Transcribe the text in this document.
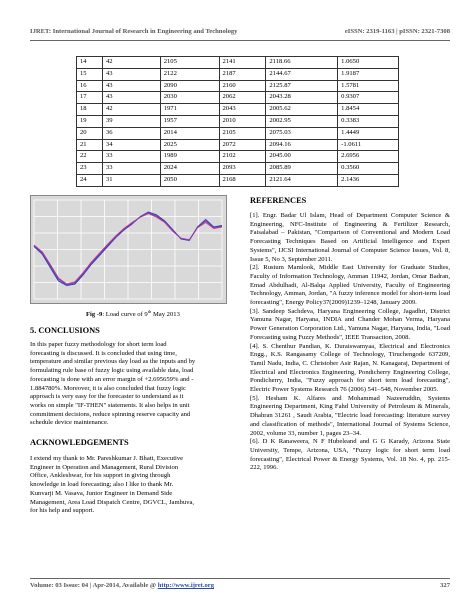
IJRET: International Journal of Research in Engineering and Technology	eISSN: 2319-1163 | pISSN: 2321-7308
14	42	2105	2141	2118.66	1.0650
15	43	2122	2187	2144.67	1.9187
16	43	2090	2160	2125.87	1.5781
17	43	2030	2062	2043.28	0.9307
18	42	1971	2043	2005.62	1.8454
19	39	1957	2010	2002.95	0.3383
20	36	2014	2105	2075.03	1.4449
21	34	2025	2072	2094.16	-1.0611
22	33	1989	2102	2045.00	2.6956
23	33	2024	2093	2085.89	0.3560
24	31	2050	2168	2121.64	2.1436
Fig -9: Load curve of 9th May 2013
5. CONCLUSIONS
In this paper fuzzy methodology for short term load
forecasting is discussed. It is concluded that using time,
temperature and similar previous day load as the inputs and by
formulating rule base of fuzzy logic using available data, load
forecasting is done with an error margin of +2.695659% and -
1.884780%. Moreover, it is also concluded that fuzzy logic
approach is very easy for the forecaster to understand as it
works on simple "IF-THEN" statements. It also helps in unit
commitment decisions, reduce spinning reserve capacity and
schedule device maintenance.
ACKNOWLEDGEMENTS
I extend my thank to Mr. Pareshkumar J. Bhatt, Executive
Engineer in Operation and Management, Rural Division
Office, Ankleshwar, for his support in giving through
knowledge in load forecasting; also I like to thank Mr.
Kunvarji M. Vasava, Junior Engineer in Demand Side
Management, Area Load Dispatch Centre, DGVCL, Jambuva,
for his help and support.
REFERENCES

[1]. Engr. Badar Ul Islam, Head of Department Computer Science & Engineering, NFC-Institute of Engineering & Fertilizer Research, Faisalabad – Pakistan, "Comparison of Conventional and Modern Load Forecasting Techniques Based on Artificial Intelligence and Expert Systems", IJCSI International Journal of Computer Science Issues, Vol. 8, Issue 5, No 3, September 2011.

[2]. Rustum Mamlook, Middle East University for Graduate Studies, Faculty of Information Technology, Amman 11942, Jordan, Omar Badran, Emad Abdulhadi, Al-Balqa Applied University, Faculty of Engineering Technology, Amman, Jordan, "A fuzzy inference model for short-term load forecasting", Energy Policy37(2009)1239–1248, January 2009.

[3]. Sandeep Sachdeva, Haryana Engineering College, Jagadhri, District Yamuna Nagar, Haryana, INDIA and Chander Mohan Verma, Haryana Power Generation Corporation Ltd., Yamuna Nagar, Haryana, India, "Load Forecasting using Fuzzy Methods", IEEE Transaction, 2008.

[4]. S. Chenthur Pandian, K. Duraiswamyaa, Electrical and Electronics Engg., K.S. Rangasamy College of Technology, Tiruchengode 637209, Tamil Nadu, India, C. Christober Asir Rajan, N. Kanagaraj, Department of Electrical and Electronics Engineering, Pondicherry Engineering College, Pondicherry, India, "Fuzzy approach for short term load forecasting", Electric Power Systems Research 76 (2006) 541–548, November 2005.

[5]. Hesham K. Alfares and Mohammad Nazeeruddin, Systems Engineering Department, King Fahd University of Petroleum & Minerals, Dhahran 31261 , Saudi Arabia, "Electric load forecasting: literature survey and classification of methods", International Journal of Systems Science, 2002, volume 33, number 1, pages 23–34.

[6]. D K Ranaweera, N F Hubeleand and G G Karady, Arizona State University, Tempe, Arizona, USA, "Fuzzy logic for short term load forecasting", Electrical Power & Energy Systems, Vol. 18 No. 4, pp. 215-222, 1996.

Volume: 03 Issue: 04 | Apr-2014, Available @ http://www.ijret.org	327
